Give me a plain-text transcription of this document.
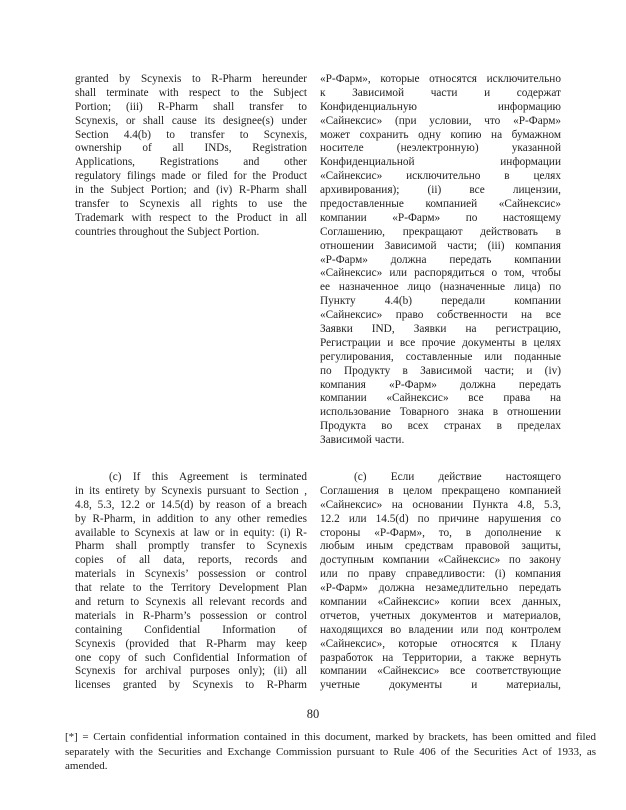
granted by Scynexis to R-Pharm hereunder
shall terminate with respect to the Subject
Portion; (iii) R-Pharm shall transfer to
Scynexis, or shall cause its designee(s) under
Section 4.4(b) to transfer to Scynexis,
ownership of all INDs, Registration
Applications, Registrations and other
regulatory filings made or filed for the Product
in the Subject Portion; and (iv) R-Pharm shall
transfer to Scynexis all rights to use the
Trademark with respect to the Product in all
countries throughout the Subject Portion.
«Р-Фарм», которые относятся исключительно
к Зависимой части и содержат
Конфиденциальную информацию
«Сайнексис» (при условии, что «Р-Фарм»
может сохранить одну копию на бумажном
носителе (неэлектронную) указанной
Конфиденциальной информации
«Сайнексис» исключительно в целях
архивирования); (ii) все лицензии,
предоставленные компанией «Сайнексис»
компании «Р-Фарм» по настоящему
Соглашению, прекращают действовать в
отношении Зависимой части; (iii) компания
«Р-Фарм» должна передать компании
«Сайнексис» или распорядиться о том, чтобы
ее назначенное лицо (назначенные лица) по
Пункту 4.4(b) передали компании
«Сайнексис» право собственности на все
Заявки IND, Заявки на регистрацию,
Регистрации и все прочие документы в целях
регулирования, составленные или поданные
по Продукту в Зависимой части; и (iv)
компания «Р-Фарм» должна передать
компании «Сайнексис» все права на
использование Товарного знака в отношении
Продукта во всех странах в пределах
Зависимой части.
(c) If this Agreement is terminated
in its entirety by Scynexis pursuant to Section ,
4.8, 5.3, 12.2 or 14.5(d) by reason of a breach
by R-Pharm, in addition to any other remedies
available to Scynexis at law or in equity: (i) R-
Pharm shall promptly transfer to Scynexis
copies of all data, reports, records and
materials in Scynexis’ possession or control
that relate to the Territory Development Plan
and return to Scynexis all relevant records and
materials in R-Pharm’s possession or control
containing Confidential Information of
Scynexis (provided that R-Pharm may keep
one copy of such Confidential Information of
Scynexis for archival purposes only); (ii) all
licenses granted by Scynexis to R-Pharm
(c) Если действие настоящего
Соглашения в целом прекращено компанией
«Сайнексис» на основании Пункта 4.8, 5.3,
12.2 или 14.5(d) по причине нарушения со
стороны «Р-Фарм», то, в дополнение к
любым иным средствам правовой защиты,
доступным компании «Сайнексис» по закону
или по праву справедливости: (i) компания
«Р-Фарм» должна незамедлительно передать
компании «Сайнексис» копии всех данных,
отчетов, учетных документов и материалов,
находящихся во владении или под контролем
«Сайнексис», которые относятся к Плану
разработок на Территории, а также вернуть
компании «Сайнексис» все соответствующие
учетные документы и материалы,
80
[*] = Certain confidential information contained in this document, marked by brackets, has been omitted and filed
separately with the Securities and Exchange Commission pursuant to Rule 406 of the Securities Act of 1933, as
amended.
